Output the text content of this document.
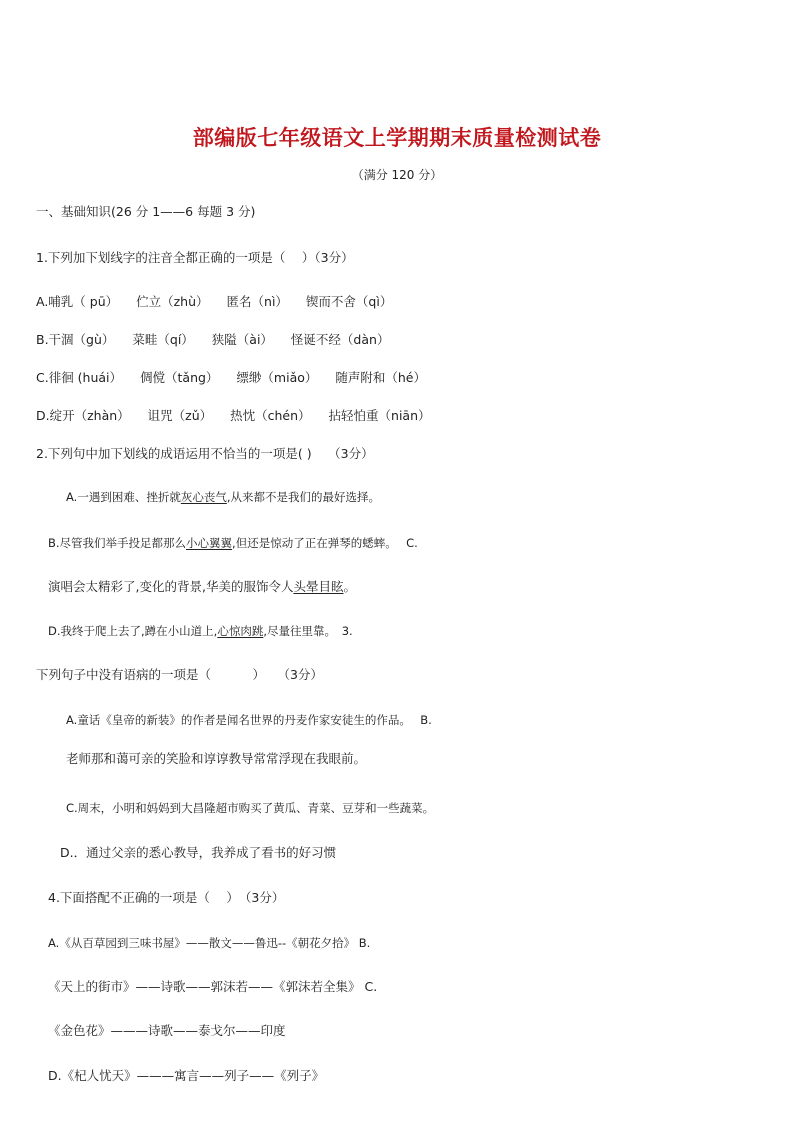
部编版七年级语文上学期期末质量检测试卷
（满分 120 分）
一、基础知识(26 分 1——6 每题 3 分)
1.下列加下划线字的注音全都正确的一项是（　 ）（3分）
A.哺乳（ pū） 伫立（zhù） 匿名（nì） 锲而不舍（qì）
B.干涸（gù） 菜畦（qí） 狭隘（ài） 怪诞不经（dàn）
C.徘徊 (huái） 倜傥（tǎng） 缥缈（miǎo） 随声附和（hé）
D.绽开（zhàn） 诅咒（zǔ） 热忱（chén） 拈轻怕重（niān）
2.下列句中加下划线的成语运用不恰当的一项是( )　 （3分）
A.一遇到困难、挫折就灰心丧气,从来都不是我们的最好选择。
B.尽管我们举手投足都那么小心翼翼,但还是惊动了正在弹琴的蟋蟀。　 C.
演唱会太精彩了,变化的背景,华美的服饰令人头晕目眩。
D.我终于爬上去了,蹲在小山道上,心惊肉跳,尽量往里靠。　3.
下列句子中没有语病的一项是（　　　 ）　　（3分）
A.童话《皇帝的新装》的作者是闻名世界的丹麦作家安徒生的作品。　 B.
老师那和蔼可亲的笑脸和谆谆教导常常浮现在我眼前。
C.周末，小明和妈妈到大昌隆超市购买了黄瓜、青菜、豆芽和一些蔬菜。
D.．通过父亲的悉心教导，我养成了看书的好习惯
4.下面搭配不正确的一项是（　 ）　（3分）
A.《从百草园到三味书屋》——散文——鲁迅--《朝花夕拾》 B.
《天上的街市》——诗歌——郭沫若——《郭沫若全集》 C.
《金色花》———诗歌——泰戈尔——印度
D.《杞人忧天》———寓言——列子——《列子》
